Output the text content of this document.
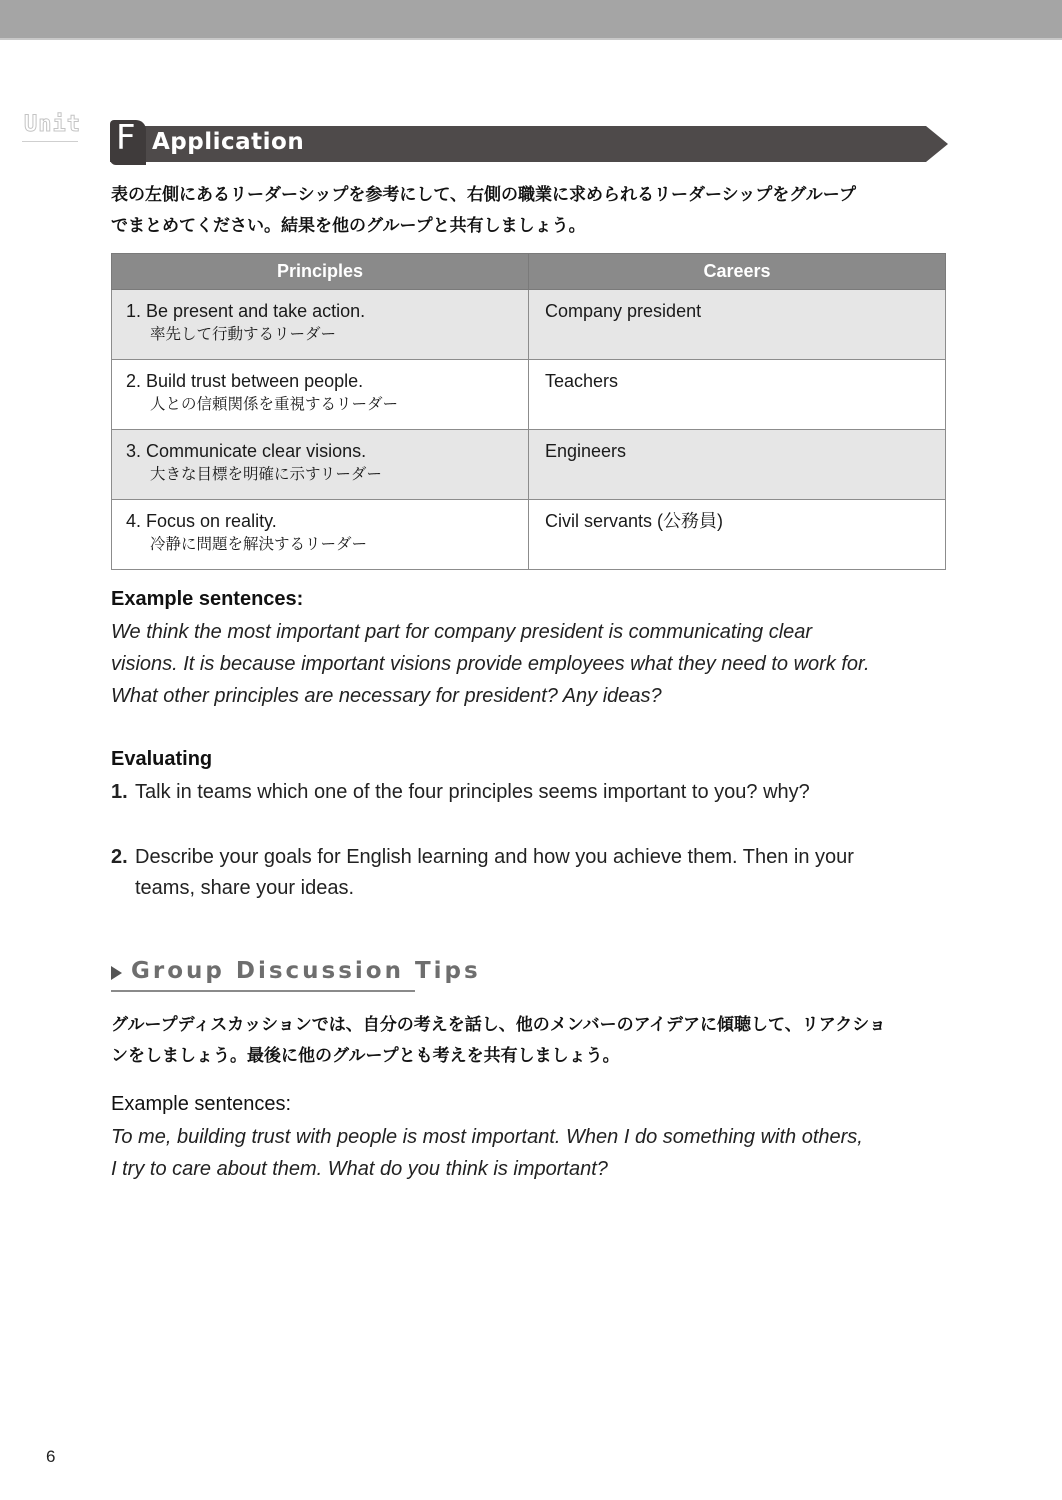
Unit F Application
表の左側にあるリーダーシップを参考にして、右側の職業に求められるリーダーシップをグループ
でまとめてください。結果を他のグループと共有しましょう。
Principles	Careers

1. Be present and take action.
率先して行動するリーダー	Company president

2. Build trust between people.
人との信頼関係を重視するリーダー	Teachers

3. Communicate clear visions.
大きな目標を明確に示すリーダー	Engineers

4. Focus on reality.
冷静に問題を解決するリーダー	Civil servants (公務員)
Example sentences:
We think the most important part for company president is communicating clear
visions. It is because important visions provide employees what they need to work for.
What other principles are necessary for president? Any ideas?
Evaluating
1. Talk in teams which one of the four principles seems important to you? why?
2. Describe your goals for English learning and how you achieve them. Then in your teams, share your ideas.
Group Discussion Tips
グループディスカッションでは、自分の考えを話し、他のメンバーのアイデアに傾聴して、リアクショ
ンをしましょう。最後に他のグループとも考えを共有しましょう。
Example sentences:
To me, building trust with people is most important. When I do something with others,
I try to care about them. What do you think is important?
6
